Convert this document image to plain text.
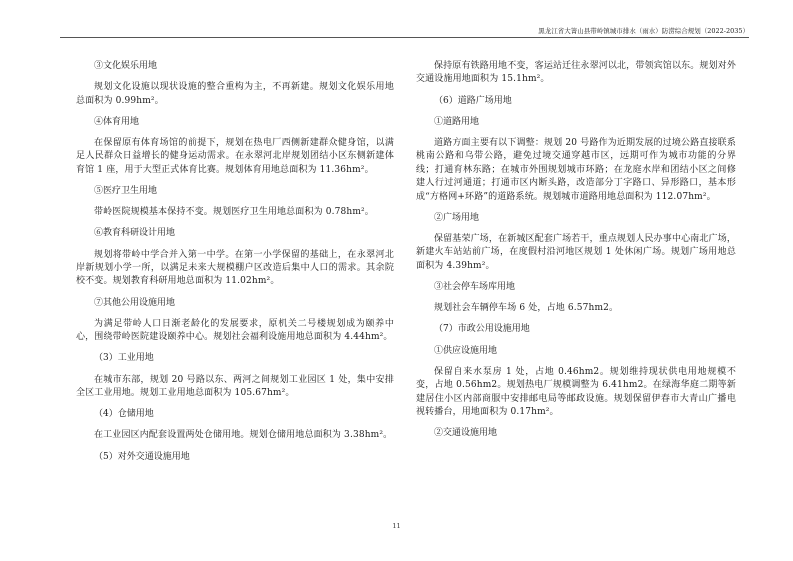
黑龙江省大箐山县带岭镇城市排水（雨水）防涝综合规划（2022-2035）
③文化娱乐用地
规划文化设施以现状设施的整合重构为主，不再新建。规划文化娱乐用地总面积为 0.99hm²。
④体育用地
在保留原有体育场馆的前提下，规划在热电厂西侧新建群众健身馆，以满足人民群众日益增长的健身运动需求。在永翠河北岸规划团结小区东侧新建体育馆 1 座，用于大型正式体育比赛。规划体育用地总面积为 11.36hm²。
⑤医疗卫生用地
带岭医院规模基本保持不变。规划医疗卫生用地总面积为 0.78hm²。
⑥教育科研设计用地
规划将带岭中学合并入第一中学。在第一小学保留的基础上，在永翠河北岸新规划小学一所，以满足未来大规模棚户区改造后集中人口的需求。其余院校不变。规划教育科研用地总面积为 11.02hm²。
⑦其他公用设施用地
为满足带岭人口日渐老龄化的发展要求，原机关二号楼规划成为颐养中心，围绕带岭医院建设颐养中心。规划社会福利设施用地总面积为 4.44hm²。
（3）工业用地
在城市东部，规划 20 号路以东、两河之间规划工业园区 1 处，集中安排全区工业用地。规划工业用地总面积为 105.67hm²。
（4）仓储用地
在工业园区内配套设置两处仓储用地。规划仓储用地总面积为 3.38hm²。
（5）对外交通设施用地
保持原有铁路用地不变，客运站迁往永翠河以北，带领宾馆以东。规划对外交通设施用地面积为 15.1hm²。
（6）道路广场用地
①道路用地
道路方面主要有以下调整：规划 20 号路作为近期发展的过境公路直接联系桃南公路和乌带公路，避免过境交通穿越市区，远期可作为城市功能的分界线；打通育林东路；在城市外围规划城市环路；在龙庭水岸和团结小区之间修建人行过河通道；打通市区内断头路，改造部分丁字路口、异形路口，基本形成“方格网+环路”的道路系统。规划城市道路用地总面积为 112.07hm²。
②广场用地
保留基荣广场，在新城区配套广场若干，重点规划人民办事中心南北广场，新建火车站站前广场，在度假村沿河地区规划 1 处休闲广场。规划广场用地总面积为 4.39hm²。
③社会停车场库用地
规划社会车辆停车场 6 处，占地 6.57hm2。
（7）市政公用设施用地
①供应设施用地
保留自来水泵房 1 处，占地 0.46hm2。规划维持现状供电用地规模不变，占地 0.56hm2。规划热电厂规模调整为 6.41hm2。在绿海华庭二期等新建居住小区内部商服中安排邮电局等邮政设施。规划保留伊春市大青山广播电视转播台，用地面积为 0.17hm²。
②交通设施用地
11
